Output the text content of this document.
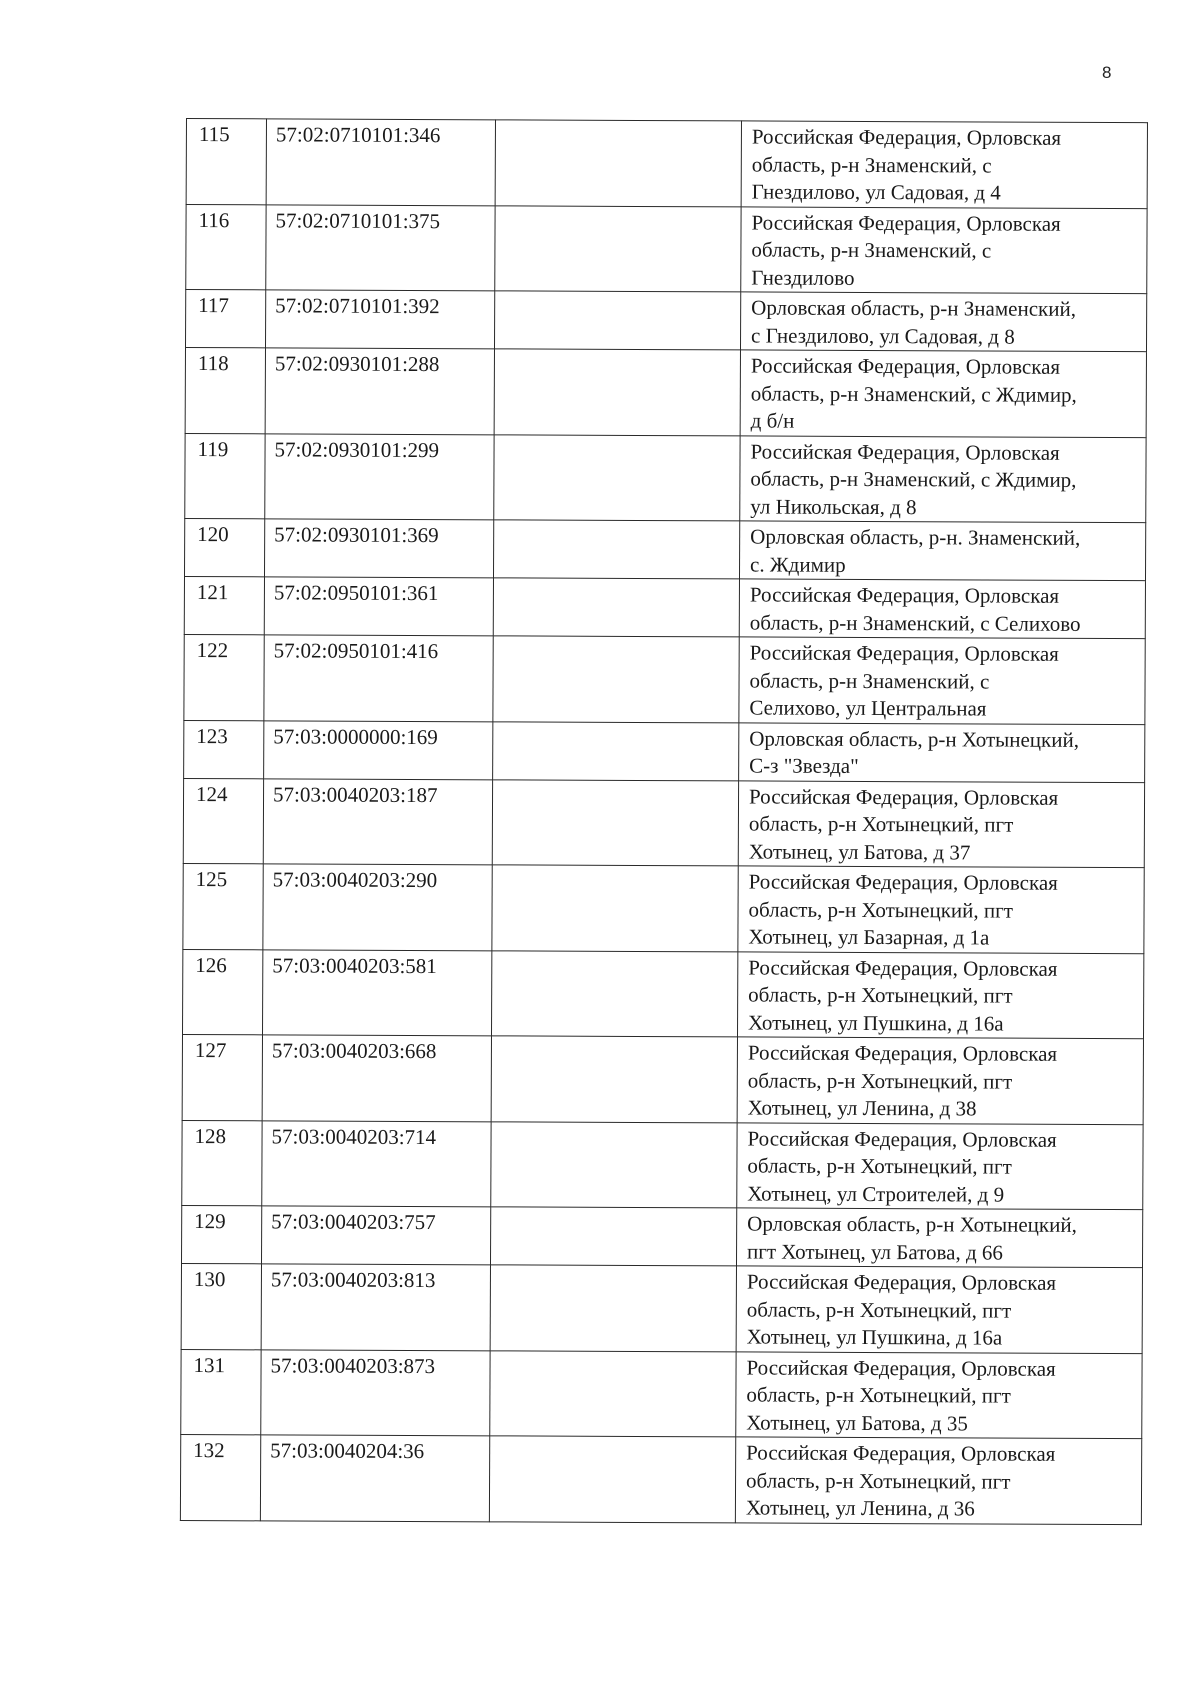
8
115	57:02:0710101:346		Российская Федерация, Орловская
область, р-н Знаменский, с
Гнездилово, ул Садовая, д 4

116	57:02:0710101:375		Российская Федерация, Орловская
область, р-н Знаменский, с
Гнездилово

117	57:02:0710101:392		Орловская область, р-н Знаменский,
с Гнездилово, ул Садовая, д 8

118	57:02:0930101:288		Российская Федерация, Орловская
область, р-н Знаменский, с Ждимир,
д б/н

119	57:02:0930101:299		Российская Федерация, Орловская
область, р-н Знаменский, с Ждимир,
ул Никольская, д 8

120	57:02:0930101:369		Орловская область, р-н. Знаменский,
с. Ждимир

121	57:02:0950101:361		Российская Федерация, Орловская
область, р-н Знаменский, с Селихово

122	57:02:0950101:416		Российская Федерация, Орловская
область, р-н Знаменский, с
Селихово, ул Центральная

123	57:03:0000000:169		Орловская область, р-н Хотынецкий,
С-з "Звезда"

124	57:03:0040203:187		Российская Федерация, Орловская
область, р-н Хотынецкий, пгт
Хотынец, ул Батова, д 37

125	57:03:0040203:290		Российская Федерация, Орловская
область, р-н Хотынецкий, пгт
Хотынец, ул Базарная, д 1а

126	57:03:0040203:581		Российская Федерация, Орловская
область, р-н Хотынецкий, пгт
Хотынец, ул Пушкина, д 16а

127	57:03:0040203:668		Российская Федерация, Орловская
область, р-н Хотынецкий, пгт
Хотынец, ул Ленина, д 38

128	57:03:0040203:714		Российская Федерация, Орловская
область, р-н Хотынецкий, пгт
Хотынец, ул Строителей, д 9

129	57:03:0040203:757		Орловская область, р-н Хотынецкий,
пгт Хотынец, ул Батова, д 66

130	57:03:0040203:813		Российская Федерация, Орловская
область, р-н Хотынецкий, пгт
Хотынец, ул Пушкина, д 16а

131	57:03:0040203:873		Российская Федерация, Орловская
область, р-н Хотынецкий, пгт
Хотынец, ул Батова, д 35

132	57:03:0040204:36		Российская Федерация, Орловская
область, р-н Хотынецкий, пгт
Хотынец, ул Ленина, д 36
